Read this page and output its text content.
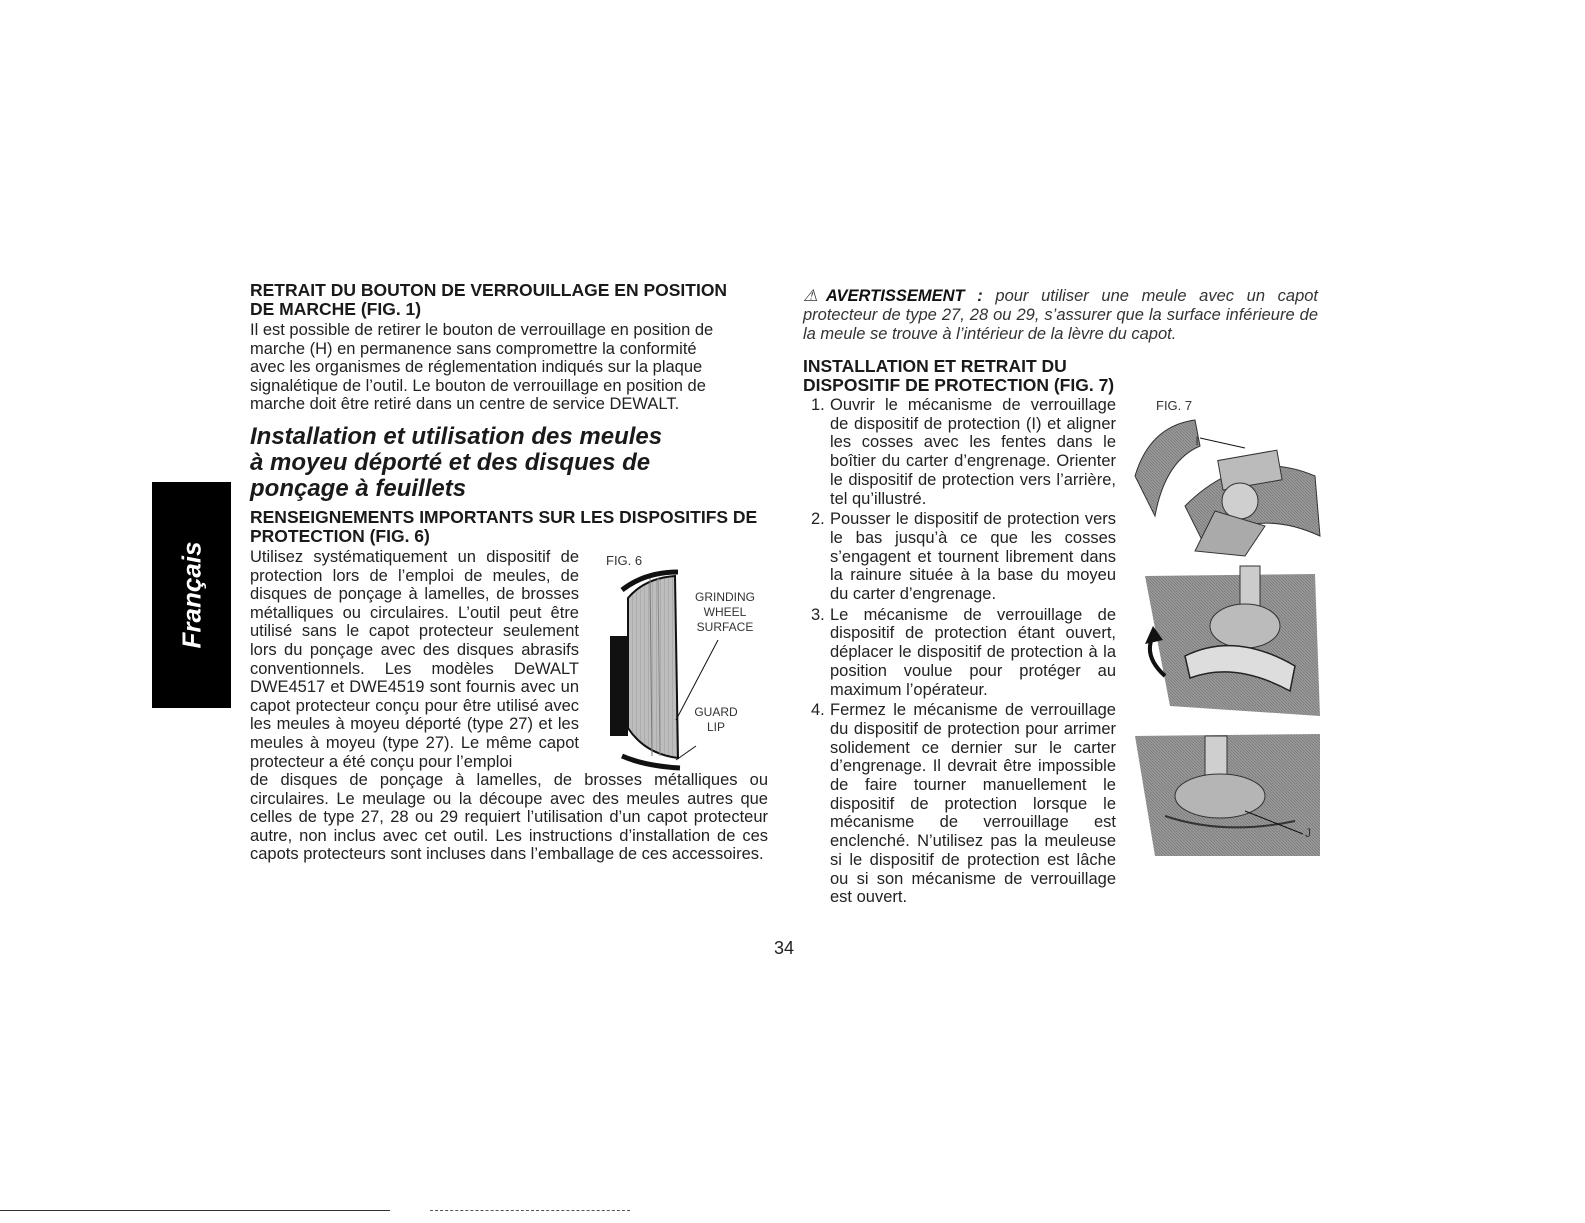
Français
RETRAIT DU BOUTON DE VERROUILLAGE EN POSITION DE MARCHE (FIG. 1)

Il est possible de retirer le bouton de verrouillage en position de marche (H) en permanence sans compromettre la conformité avec les organismes de réglementation indiqués sur la plaque signalétique de l’outil. Le bouton de verrouillage en position de marche doit être retiré dans un centre de service DEWALT.

Installation et utilisation des meules
à moyeu déporté et des disques de
ponçage à feuillets
RENSEIGNEMENTS IMPORTANTS SUR LES DISPOSITIFS DE PROTECTION (FIG. 6)

Utilisez systématiquement un dispositif de protection lors de l’emploi de meules, de disques de ponçage à lamelles, de brosses métalliques ou circulaires. L’outil peut être utilisé sans le capot protecteur seulement lors du ponçage avec des disques abrasifs conventionnels. Les modèles DeWALT DWE4517 et DWE4519 sont fournis avec un capot protecteur conçu pour être utilisé avec les meules à moyeu déporté (type 27) et les meules à moyeu (type 27). Le même capot protecteur a été conçu pour l’emploi

de disques de ponçage à lamelles, de brosses métalliques ou circulaires. Le meulage ou la découpe avec des meules autres que celles de type 27, 28 ou 29 requiert l’utilisation d’un capot protecteur autre, non inclus avec cet outil. Les instructions d’installation de ces capots protecteurs sont incluses dans l’emballage de ces accessoires.

FIG. 6
GRINDING
WHEEL
SURFACE
GUARD
LIP

⚠AVERTISSEMENT : pour utiliser une meule avec un capot protecteur de type 27, 28 ou 29, s’assurer que la surface inférieure de la meule se trouve à l’intérieur de la lèvre du capot.

INSTALLATION ET RETRAIT DU
DISPOSITIF DE PROTECTION (FIG. 7)
1. Ouvrir le mécanisme de verrouillage de dispositif de protection (I) et aligner les cosses avec les fentes dans le boîtier du carter d’engrenage. Orienter le dispositif de protection vers l’arrière, tel qu’illustré.
2. Pousser le dispositif de protection vers le bas jusqu’à ce que les cosses s’engagent et tournent librement dans la rainure située à la base du moyeu du carter d’engrenage.
3. Le mécanisme de verrouillage de dispositif de protection étant ouvert, déplacer le dispositif de protection à la position voulue pour protéger au maximum l’opérateur.
4. Fermez le mécanisme de verrouillage du dispositif de protection pour arrimer solidement ce dernier sur le carter d’engrenage. Il devrait être impossible de faire tourner manuellement le dispositif de protection lorsque le mécanisme de verrouillage est enclenché. N’utilisez pas la meuleuse si le dispositif de protection est lâche ou si son mécanisme de verrouillage est ouvert.
FIG. 7
I
J
34
